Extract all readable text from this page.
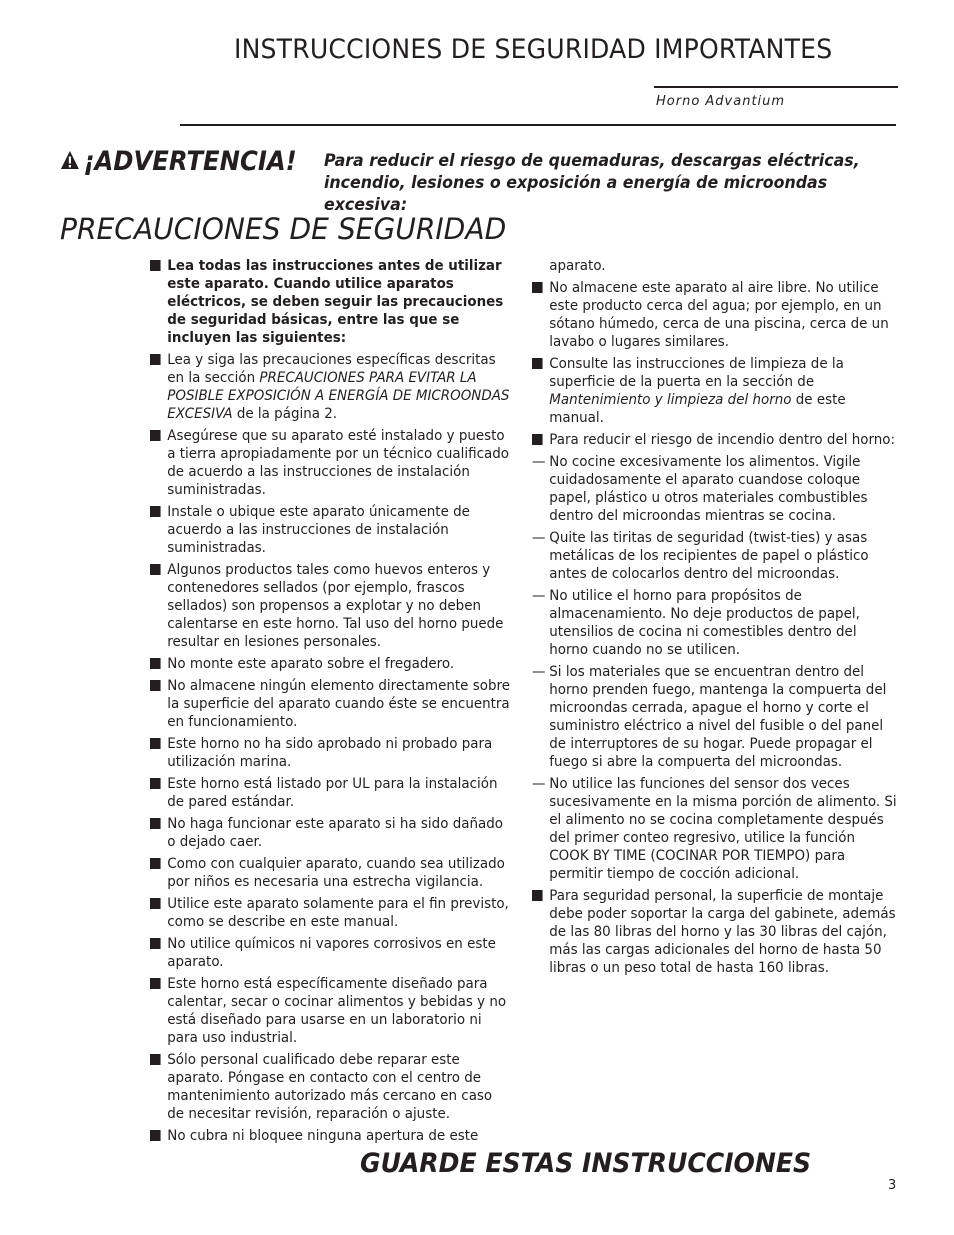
INSTRUCCIONES DE SEGURIDAD IMPORTANTES
Horno Advantium
¡ADVERTENCIA! Para reducir el riesgo de quemaduras, descargas eléctricas, incendio, lesiones o exposición a energía de microondas excesiva:
PRECAUCIONES DE SEGURIDAD
Lea todas las instrucciones antes de utilizar este aparato. Cuando utilice aparatos eléctricos, se deben seguir las precauciones de seguridad básicas, entre las que se incluyen las siguientes:
Lea y siga las precauciones específicas descritas en la sección PRECAUCIONES PARA EVITAR LA POSIBLE EXPOSICIÓN A ENERGÍA DE MICROONDAS EXCESIVA de la página 2.
Asegúrese que su aparato esté instalado y puesto a tierra apropiadamente por un técnico cualificado de acuerdo a las instrucciones de instalación suministradas.
Instale o ubique este aparato únicamente de acuerdo a las instrucciones de instalación suministradas.
Algunos productos tales como huevos enteros y contenedores sellados (por ejemplo, frascos sellados) son propensos a explotar y no deben calentarse en este horno. Tal uso del horno puede resultar en lesiones personales.
No monte este aparato sobre el fregadero.
No almacene ningún elemento directamente sobre la superficie del aparato cuando éste se encuentra en funcionamiento.
Este horno no ha sido aprobado ni probado para utilización marina.
Este horno está listado por UL para la instalación de pared estándar.
No haga funcionar este aparato si ha sido dañado o dejado caer.
Como con cualquier aparato, cuando sea utilizado por niños es necesaria una estrecha vigilancia.
Utilice este aparato solamente para el fin previsto, como se describe en este manual.
No utilice químicos ni vapores corrosivos en este aparato.
Este horno está específicamente diseñado para calentar, secar o cocinar alimentos y bebidas y no está diseñado para usarse en un laboratorio ni para uso industrial.
Sólo personal cualificado debe reparar este aparato. Póngase en contacto con el centro de mantenimiento autorizado más cercano en caso de necesitar revisión, reparación o ajuste.
No cubra ni bloquee ninguna apertura de este
aparato.
No almacene este aparato al aire libre. No utilice este producto cerca del agua; por ejemplo, en un sótano húmedo, cerca de una piscina, cerca de un lavabo o lugares similares.
Consulte las instrucciones de limpieza de la superficie de la puerta en la sección de Mantenimiento y limpieza del horno de este manual.
Para reducir el riesgo de incendio dentro del horno:
— No cocine excesivamente los alimentos. Vigile cuidadosamente el aparato cuandose coloque papel, plástico u otros materiales combustibles dentro del microondas mientras se cocina.
— Quite las tiritas de seguridad (twist-ties) y asas metálicas de los recipientes de papel o plástico antes de colocarlos dentro del microondas.
— No utilice el horno para propósitos de almacenamiento. No deje productos de papel, utensilios de cocina ni comestibles dentro del horno cuando no se utilicen.
— Si los materiales que se encuentran dentro del horno prenden fuego, mantenga la compuerta del microondas cerrada, apague el horno y corte el suministro eléctrico a nivel del fusible o del panel de interruptores de su hogar. Puede propagar el fuego si abre la compuerta del microondas.
— No utilice las funciones del sensor dos veces sucesivamente en la misma porción de alimento. Si el alimento no se cocina completamente después del primer conteo regresivo, utilice la función COOK BY TIME (COCINAR POR TIEMPO) para permitir tiempo de cocción adicional.
Para seguridad personal, la superficie de montaje debe poder soportar la carga del gabinete, además de las 80 libras del horno y las 30 libras del cajón, más las cargas adicionales del horno de hasta 50 libras o un peso total de hasta 160 libras.
GUARDE ESTAS INSTRUCCIONES
3
